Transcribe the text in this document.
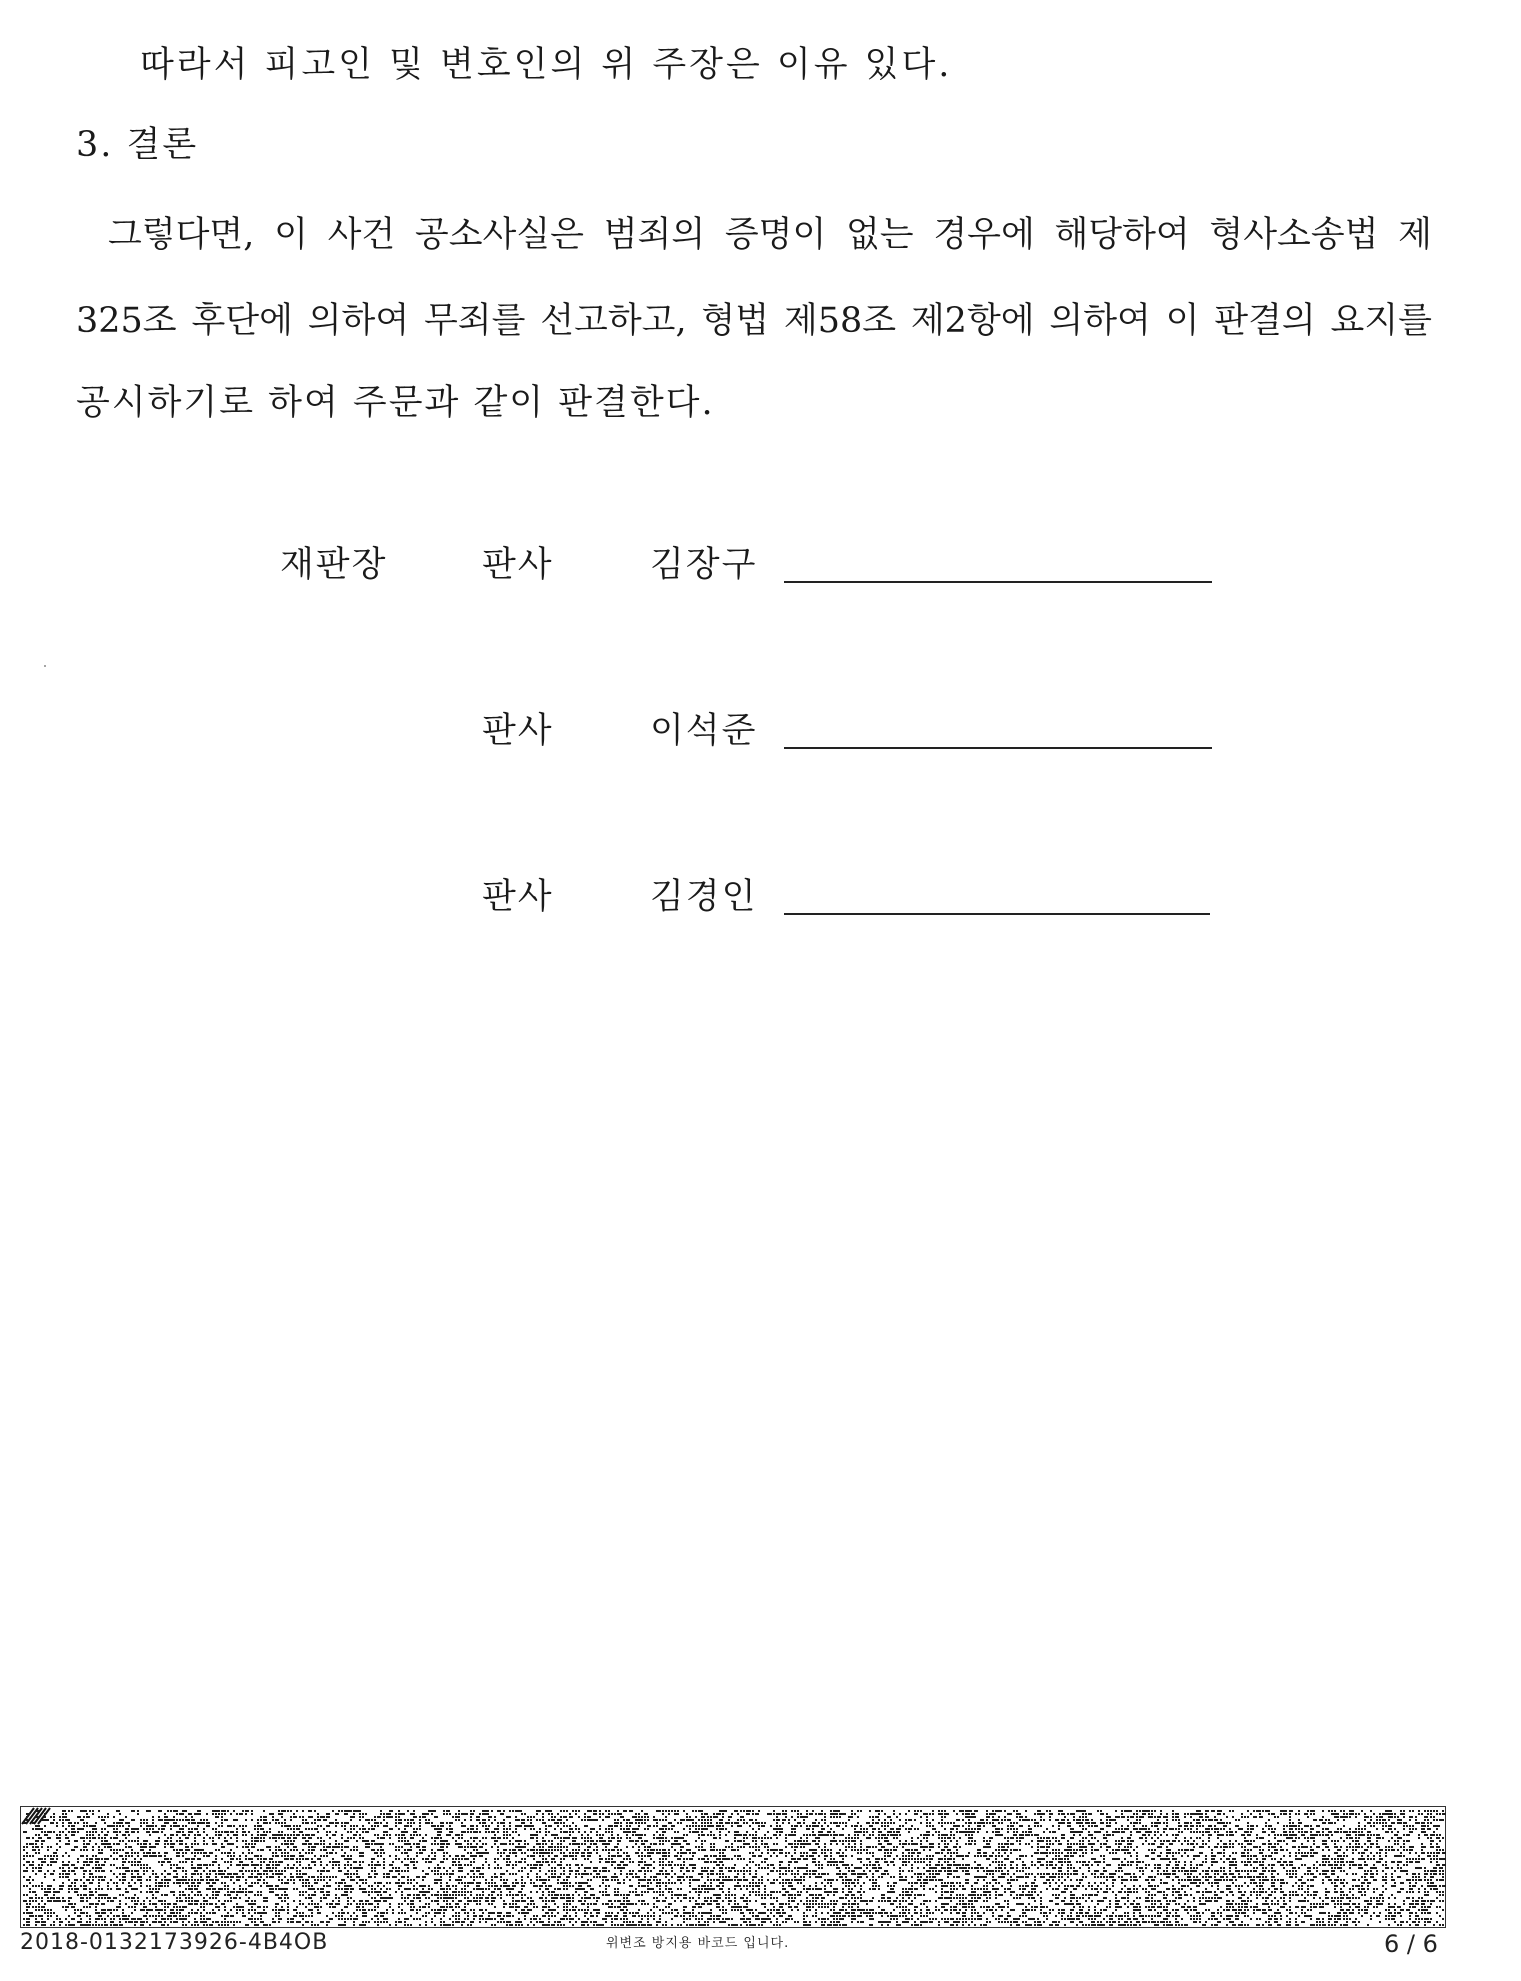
따라서 피고인 및 변호인의 위 주장은 이유 있다.
3. 결론
그렇다면, 이 사건 공소사실은 범죄의 증명이 없는 경우에 해당하여 형사소송법 제
325조 후단에 의하여 무죄를 선고하고, 형법 제58조 제2항에 의하여 이 판결의 요지를
공시하기로 하여 주문과 같이 판결한다.
재판장	판사	김장구
판사	이석준
판사	김경인
2018-0132173926-4B4OB	위변조 방지용 바코드 입니다.	6 / 6
